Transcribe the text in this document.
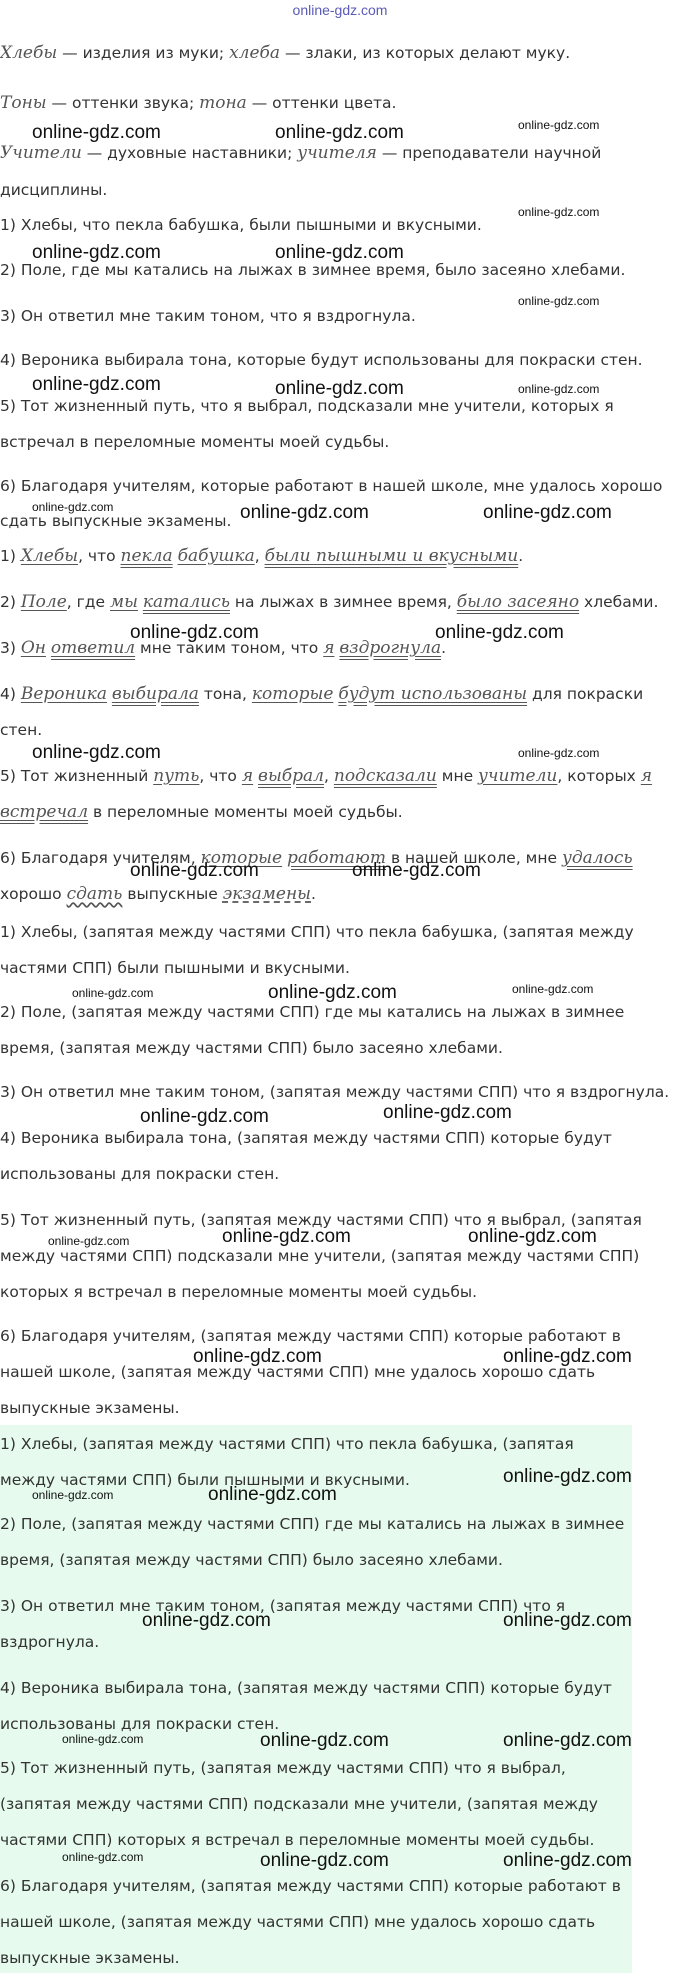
online-gdz.com
Хлебы — изделия из муки; хлеба — злаки, из которых делают муку.
Тоны — оттенки звука; тона — оттенки цвета.
Учители — духовные наставники; учителя — преподаватели научной
дисциплины.
1) Хлебы, что пекла бабушка, были пышными и вкусными.
2) Поле, где мы катались на лыжах в зимнее время, было засеяно хлебами.
3) Он ответил мне таким тоном, что я вздрогнула.
4) Вероника выбирала тона, которые будут использованы для покраски стен.
5) Тот жизненный путь, что я выбрал, подсказали мне учители, которых я
встречал в переломные моменты моей судьбы.
6) Благодаря учителям, которые работают в нашей школе, мне удалось хорошо
сдать выпускные экзамены.
1) Хлебы, что пекла бабушка, были пышными и вкусными.
2) Поле, где мы катались на лыжах в зимнее время, было засеяно хлебами.
3) Он ответил мне таким тоном, что я вздрогнула.
4) Вероника выбирала тона, которые будут использованы для покраски
стен.
5) Тот жизненный путь, что я выбрал, подсказали мне учители, которых я
встречал в переломные моменты моей судьбы.
6) Благодаря учителям, которые работают в нашей школе, мне удалось
хорошо сдать выпускные экзамены.
1) Хлебы, (запятая между частями СПП) что пекла бабушка, (запятая между
частями СПП) были пышными и вкусными.
2) Поле, (запятая между частями СПП) где мы катались на лыжах в зимнее
время, (запятая между частями СПП) было засеяно хлебами.
3) Он ответил мне таким тоном, (запятая между частями СПП) что я вздрогнула.
4) Вероника выбирала тона, (запятая между частями СПП) которые будут
использованы для покраски стен.
5) Тот жизненный путь, (запятая между частями СПП) что я выбрал, (запятая
между частями СПП) подсказали мне учители, (запятая между частями СПП)
которых я встречал в переломные моменты моей судьбы.
6) Благодаря учителям, (запятая между частями СПП) которые работают в
нашей школе, (запятая между частями СПП) мне удалось хорошо сдать
выпускные экзамены.
1) Хлебы, (запятая между частями СПП) что пекла бабушка, (запятая
между частями СПП) были пышными и вкусными.
2) Поле, (запятая между частями СПП) где мы катались на лыжах в зимнее
время, (запятая между частями СПП) было засеяно хлебами.
3) Он ответил мне таким тоном, (запятая между частями СПП) что я
вздрогнула.
4) Вероника выбирала тона, (запятая между частями СПП) которые будут
использованы для покраски стен.
5) Тот жизненный путь, (запятая между частями СПП) что я выбрал,
(запятая между частями СПП) подсказали мне учители, (запятая между
частями СПП) которых я встречал в переломные моменты моей судьбы.
6) Благодаря учителям, (запятая между частями СПП) которые работают в
нашей школе, (запятая между частями СПП) мне удалось хорошо сдать
выпускные экзамены.
online-gdz.com	online-gdz.com	online-gdz.com
online-gdz.com
online-gdz.com	online-gdz.com
online-gdz.com
online-gdz.com	online-gdz.com	online-gdz.com
online-gdz.com	online-gdz.com	online-gdz.com
online-gdz.com	online-gdz.com
online-gdz.com	online-gdz.com
online-gdz.com	online-gdz.com
online-gdz.com	online-gdz.com	online-gdz.com
online-gdz.com	online-gdz.com
online-gdz.com	online-gdz.com	online-gdz.com
online-gdz.com	online-gdz.com
online-gdz.com
online-gdz.com	online-gdz.com
online-gdz.com	online-gdz.com
online-gdz.com	online-gdz.com	online-gdz.com
online-gdz.com	online-gdz.com	online-gdz.com
